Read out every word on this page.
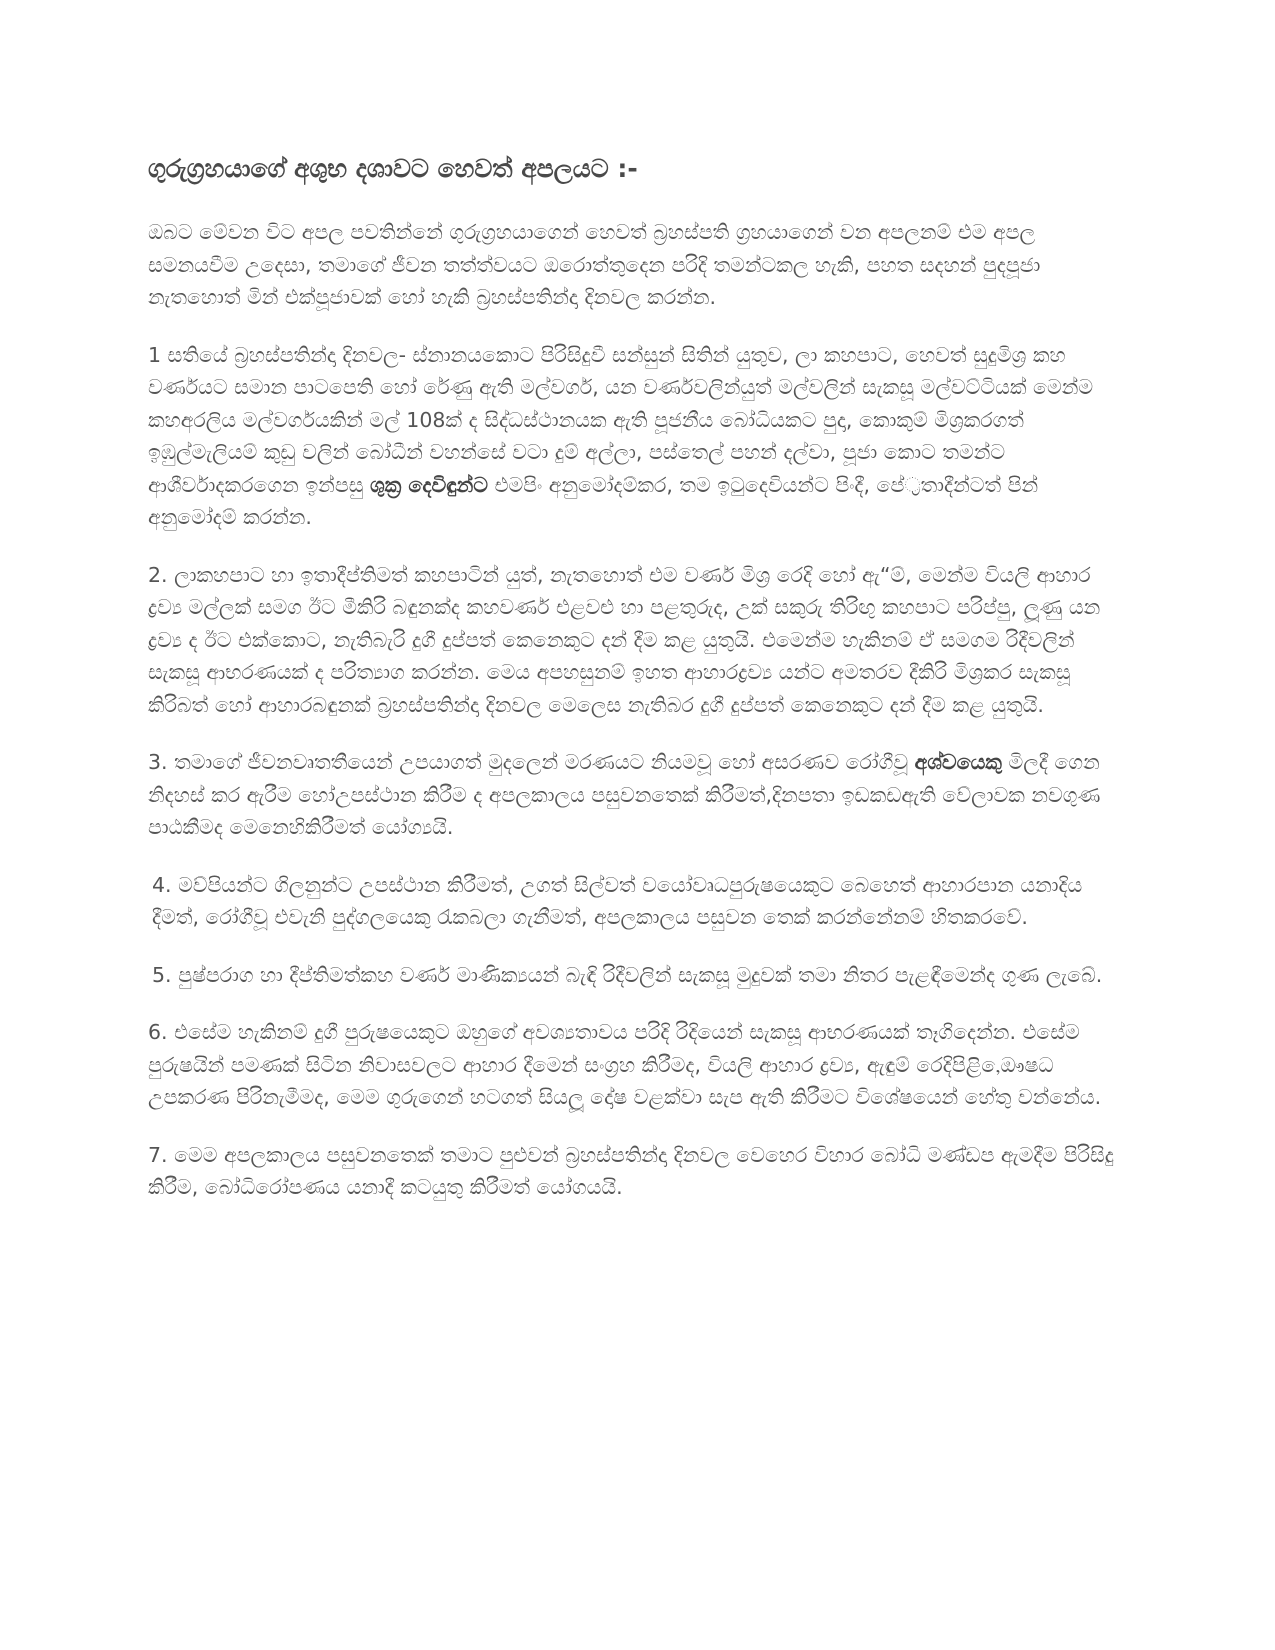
ගුරුග්‍රහයාගේ අශුභ දශාවට හෙවත් අපලයට :-

ඔබට මේවන විට අපල පවතින්නේ ගුරුග්‍රහයාගෙන් හෙවත් බ්‍රහස්පති ග්‍රහයාගෙන් වන අපලනම් එම අපල සමනයවීම උදෙසා, තමාගේ ජීවන තත්ත්වයට ඔරොත්තුදෙන පරිදි තමන්ටකල හැකි, පහත සදහන් පුදපූජා නැතහොත් මින් එක්පූජාවක් හෝ හැකි බ්‍රහස්පතින්දා දිනවල කරන්න.

1 සතියේ බ්‍රහස්පතින්දා දිනවල- ස්නානයකොට පිරිසිදුවී සන්සුන් සිතින් යුතුව, ලා කහපාට, හෙවත් සුදුමිශ්‍ර කහ වර්ණයට සමාන පාටපෙති හෝ රේණු ඇති මල්වර්ග, යන වර්ණවලින්යුත් මල්වලින් සැකසූ මල්වට්ටියක් මෙන්ම කහඅරලිය මල්වර්ගයකින් මල් 108ක් ද සිද්ධස්ථානයක ඇති පූජනීය බෝධියකට පුදා, කොකුම් මිශ්‍රකරගත් ඉඹුල්මැලියම් කුඩු වලින් බෝධීන් වහන්සේ වටා දුම් අල්ලා, පස්තෙල් පහන් දල්වා, පූජා කොට තමන්ට ආශීර්වාදකරගෙන ඉන්පසු ශුක්‍ර දෙවිඳුන්ට එමපිං අනුමෝදම්කර, තම ඉටුදෙවියන්ට පිංදී, පේ්‍රතාදීන්ටත් පින් අනුමෝදම් කරන්න.

2. ලාකහපාට හා ඉතාදීප්තිමත් කහපාටින් යුත්, නැතහොත් එම වර්ණ මිශ්‍ර රෙදි හෝ ඇ“ම්, මෙන්ම වියලි ආහාර ද්‍රව්‍ය මල්ලක් සමග ඊට මීකිරි බඳුනක්ද කහවර්ණ එළවළු හා පළතුරුද, උක් සකුරු තිරිඟු කහපාට පරිප්පු, ලූණු යන ද්‍රව්‍ය ද ඊට එක්කොට, නැතිබැරි දුගී දුප්පත් කෙනෙකුට දන් දීම කළ යුතුයි. එමෙන්ම හැකිනම් ඒ සමගම රිදීවලින් සැකසූ ආභරණයක් ද පරිත්‍යාග කරන්න. මෙය අපහසුනම් ඉහත ආහාරද්‍රව්‍ය යන්ට අමතරව දීකිරි මිශ්‍රකර සැකසූ කිරිබත් හෝ ආහාරබඳුනක් බ්‍රහස්පතින්දා දිනවල මෙලෙස නැතිබර දුගී දුප්පත් කෙනෙකුට දන් දීම කළ යුතුයි.

3. තමාගේ ජීවනවෘතතීයෙන් උපයාගත් මුදලෙන් මරණයට නියමවූ හෝ අසරණව රෝගීවූ අශ්වයෙකු මිලදී ගෙන නිදහස් කර ඇරීම හෝඋපස්ථාන කිරීම ද අපලකාලය පසුවනතෙක් කිරීමත්,දිනපතා ඉඩකඩඇති වේලාවක නවගුණ පාඨකීමද මෙනෙහිකිරීමත් යෝග්‍යයි.

4. මව්පියන්ට ගිලනුන්ට උපස්ථාන කිරීමත්, උගත් සිල්වත් වයෝවෘධපුරුෂයෙකුට බෙහෙත් ආහාරපාන යනාදිය දීමත්, රෝගීවූ එවැනි පුද්ගලයෙකු රැකබලා ගැනීමත්, අපලකාලය පසුවන තෙක් කරන්නේනම් හිතකරවේ.

5. පුෂ්පරාග හා දීප්තිමත්කහ වර්ණ මාණික්‍යයන් බැඳි රිදීවලින් සැකසූ මුදුවක් තමා නිතර පැළඳීමෙන්ද ගුණ ලැබේ.

6. එසේම හැකිනම් දුගී පුරුෂයෙකුට ඔහුගේ අවශ්‍යතාවය පරිදි රිදියෙන් සැකසූ ආභරණයක් තෑගිදෙන්න. එසේම පුරුෂයින් පමණක් සිටින නිවාසවලට ආහාර දීමෙන් සංග්‍රහ කිරීමද, වියලි ආහාර ද්‍රව්‍ය, ඇඳුම් රෙදිපිළි,ෙඖෂධ උපකරණ පිරිනැමීමද, මෙම ගුරුගෙන් හටගත් සියලූ දෝෂ වළක්වා සැප ඇති කිරීමට විශේෂයෙන් හේතු වන්නේය.

7. මෙම අපලකාලය පසුවනතෙක් තමාට පුළුවන් බ්‍රහස්පතින්දා දිනවල වෙහෙර විහාර බෝධි මණ්ඩප ඇමදීම පිරිසිදු කිරීම, බෝධිරෝපණය යනාදී කටයුතු කිරීමත් යෝගයයි.
